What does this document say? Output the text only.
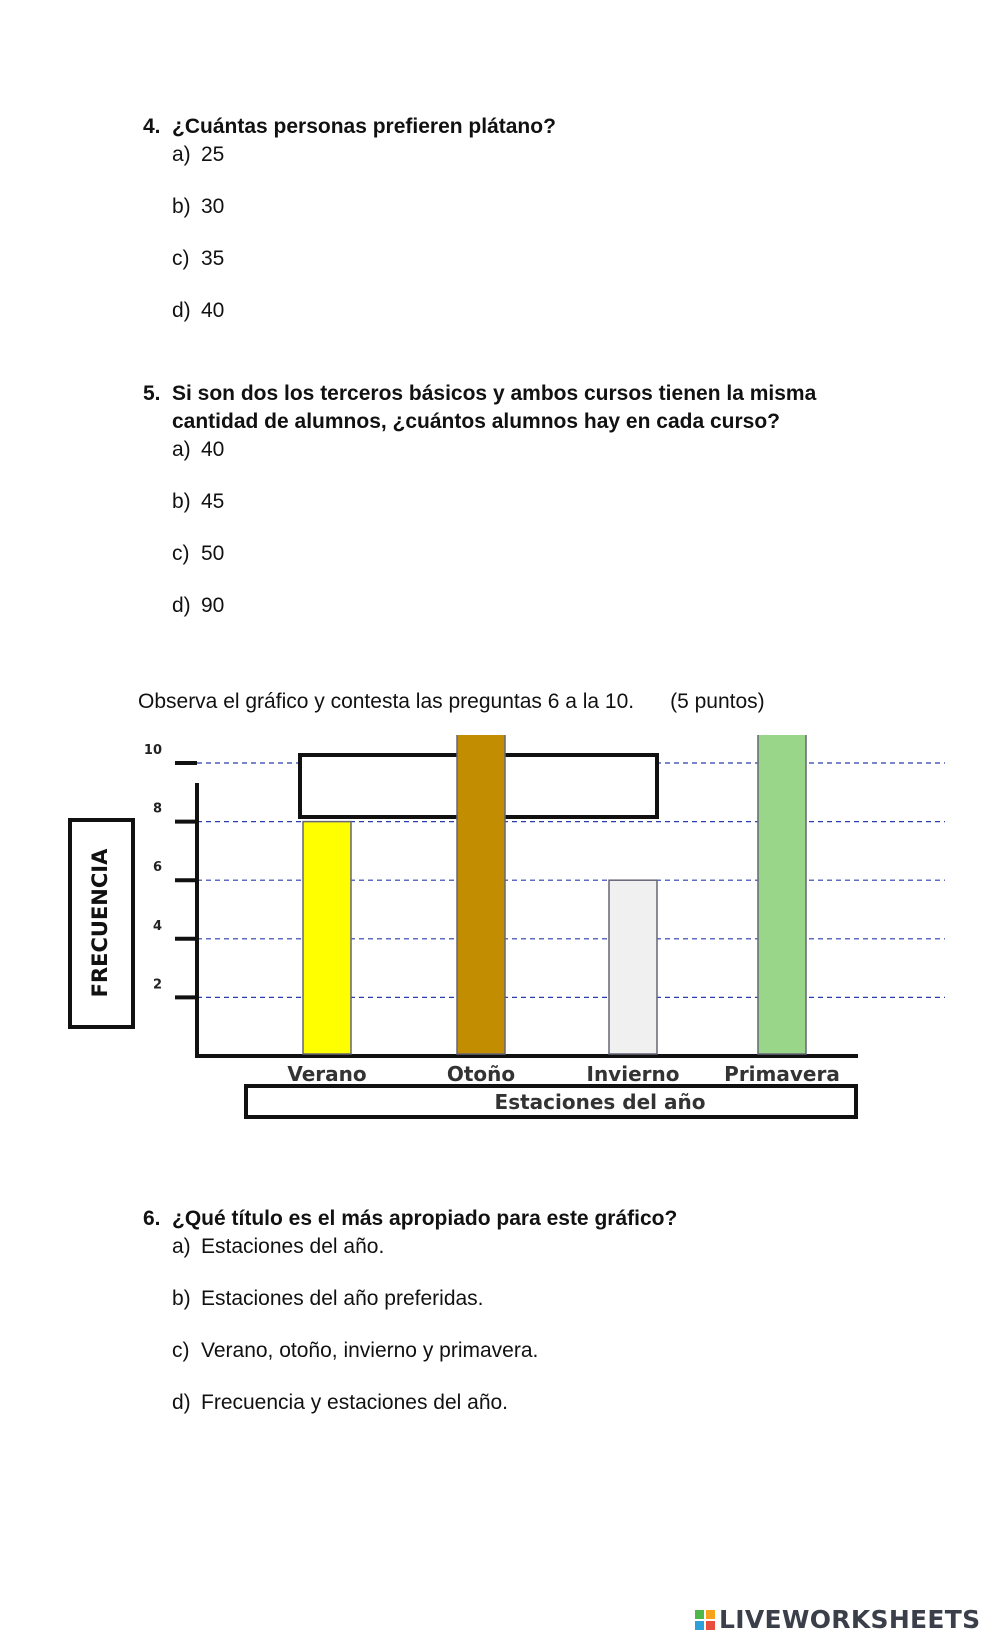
4. ¿Cuántas personas prefieren plátano?
a) 25
b) 30
c) 35
d) 40
5. Si son dos los terceros básicos y ambos cursos tienen la misma cantidad de alumnos, ¿cuántos alumnos hay en cada curso?
a) 40
b) 45
c) 50
d) 90
Observa el gráfico y contesta las preguntas 6 a la 10. (5 puntos)
2
4
6
8
10
FRECUENCIA
Verano	Otoño	Invierno Primavera
Estaciones del año
6. ¿Qué título es el más apropiado para este gráfico?
a) Estaciones del año.
b) Estaciones del año preferidas.
c) Verano, otoño, invierno y primavera.
d) Frecuencia y estaciones del año.
LIVEWORKSHEETS
